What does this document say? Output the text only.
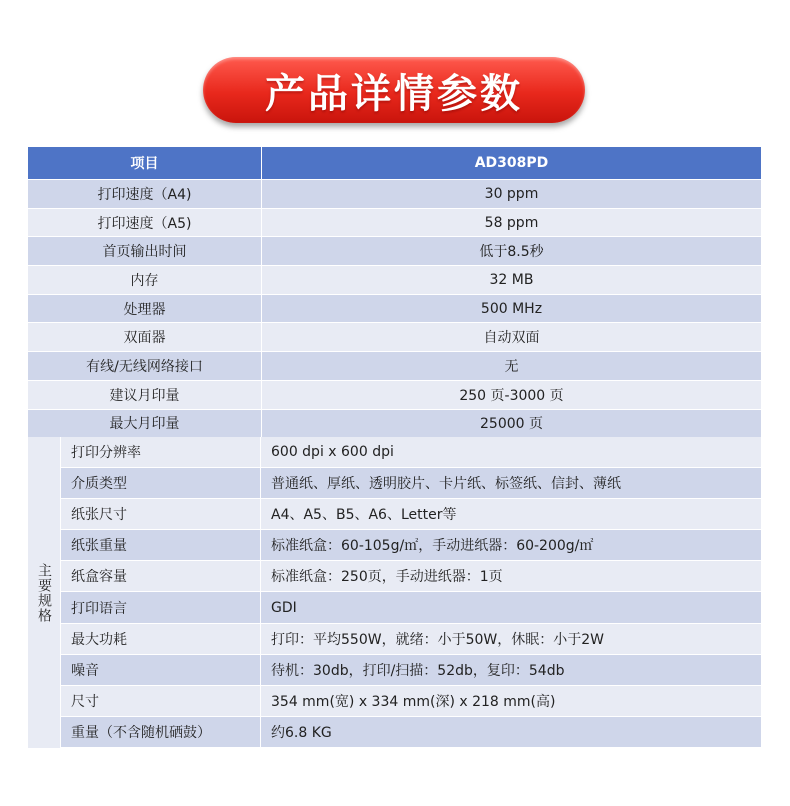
产品详情参数
项目	AD308PD
打印速度（A4)	30 ppm
打印速度（A5)	58 ppm
首页输出时间	低于8.5秒
内存	32 MB
处理器	500 MHz
双面器	自动双面
有线/无线网络接口	无
建议月印量	250 页-3000 页
最大月印量	25000 页
主要规格
打印分辨率	600 dpi x 600 dpi
介质类型	普通纸、厚纸、透明胶片、卡片纸、标签纸、信封、薄纸
纸张尺寸	A4、A5、B5、A6、Letter等
纸张重量	标准纸盒：60-105g/㎡，手动进纸器：60-200g/㎡
纸盒容量	标准纸盒：250页，手动进纸器：1页
打印语言	GDI
最大功耗	打印：平均550W，就绪：小于50W，休眠：小于2W
噪音	待机：30db，打印/扫描：52db，复印：54db
尺寸	354 mm(宽) x 334 mm(深) x 218 mm(高)
重量（不含随机硒鼓）	约6.8 KG
